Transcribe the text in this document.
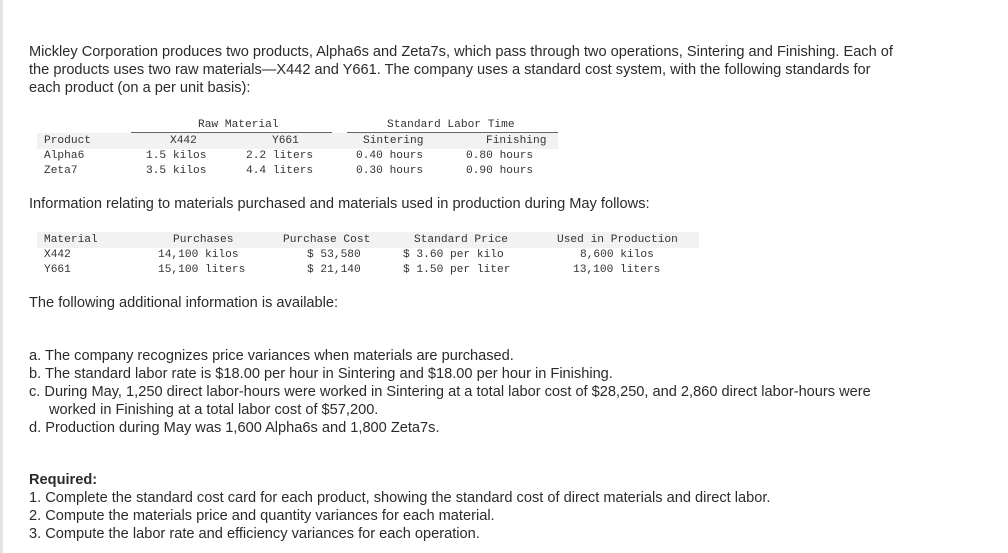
Mickley Corporation produces two products, Alpha6s and Zeta7s, which pass through two operations, Sintering and Finishing. Each of
the products uses two raw materials—X442 and Y661. The company uses a standard cost system, with the following standards for
each product (on a per unit basis):
Raw Material	Standard Labor Time
Product	X442	Y661	Sintering	Finishing
Alpha6	1.5 kilos	2.2 liters	0.40 hours	0.80 hours
Zeta7	3.5 kilos	4.4 liters	0.30 hours	0.90 hours
Information relating to materials purchased and materials used in production during May follows:
Material	Purchases	Purchase Cost	Standard Price	Used in Production
X442	14,100 kilos	$ 53,580	$ 3.60 per kilo	8,600 kilos
Y661	15,100 liters	$ 21,140	$ 1.50 per liter	13,100 liters
The following additional information is available:
a. The company recognizes price variances when materials are purchased.
b. The standard labor rate is $18.00 per hour in Sintering and $18.00 per hour in Finishing.
c. During May, 1,250 direct labor-hours were worked in Sintering at a total labor cost of $28,250, and 2,860 direct labor-hours were
worked in Finishing at a total labor cost of $57,200.
d. Production during May was 1,600 Alpha6s and 1,800 Zeta7s.
Required:
1. Complete the standard cost card for each product, showing the standard cost of direct materials and direct labor.
2. Compute the materials price and quantity variances for each material.
3. Compute the labor rate and efficiency variances for each operation.
